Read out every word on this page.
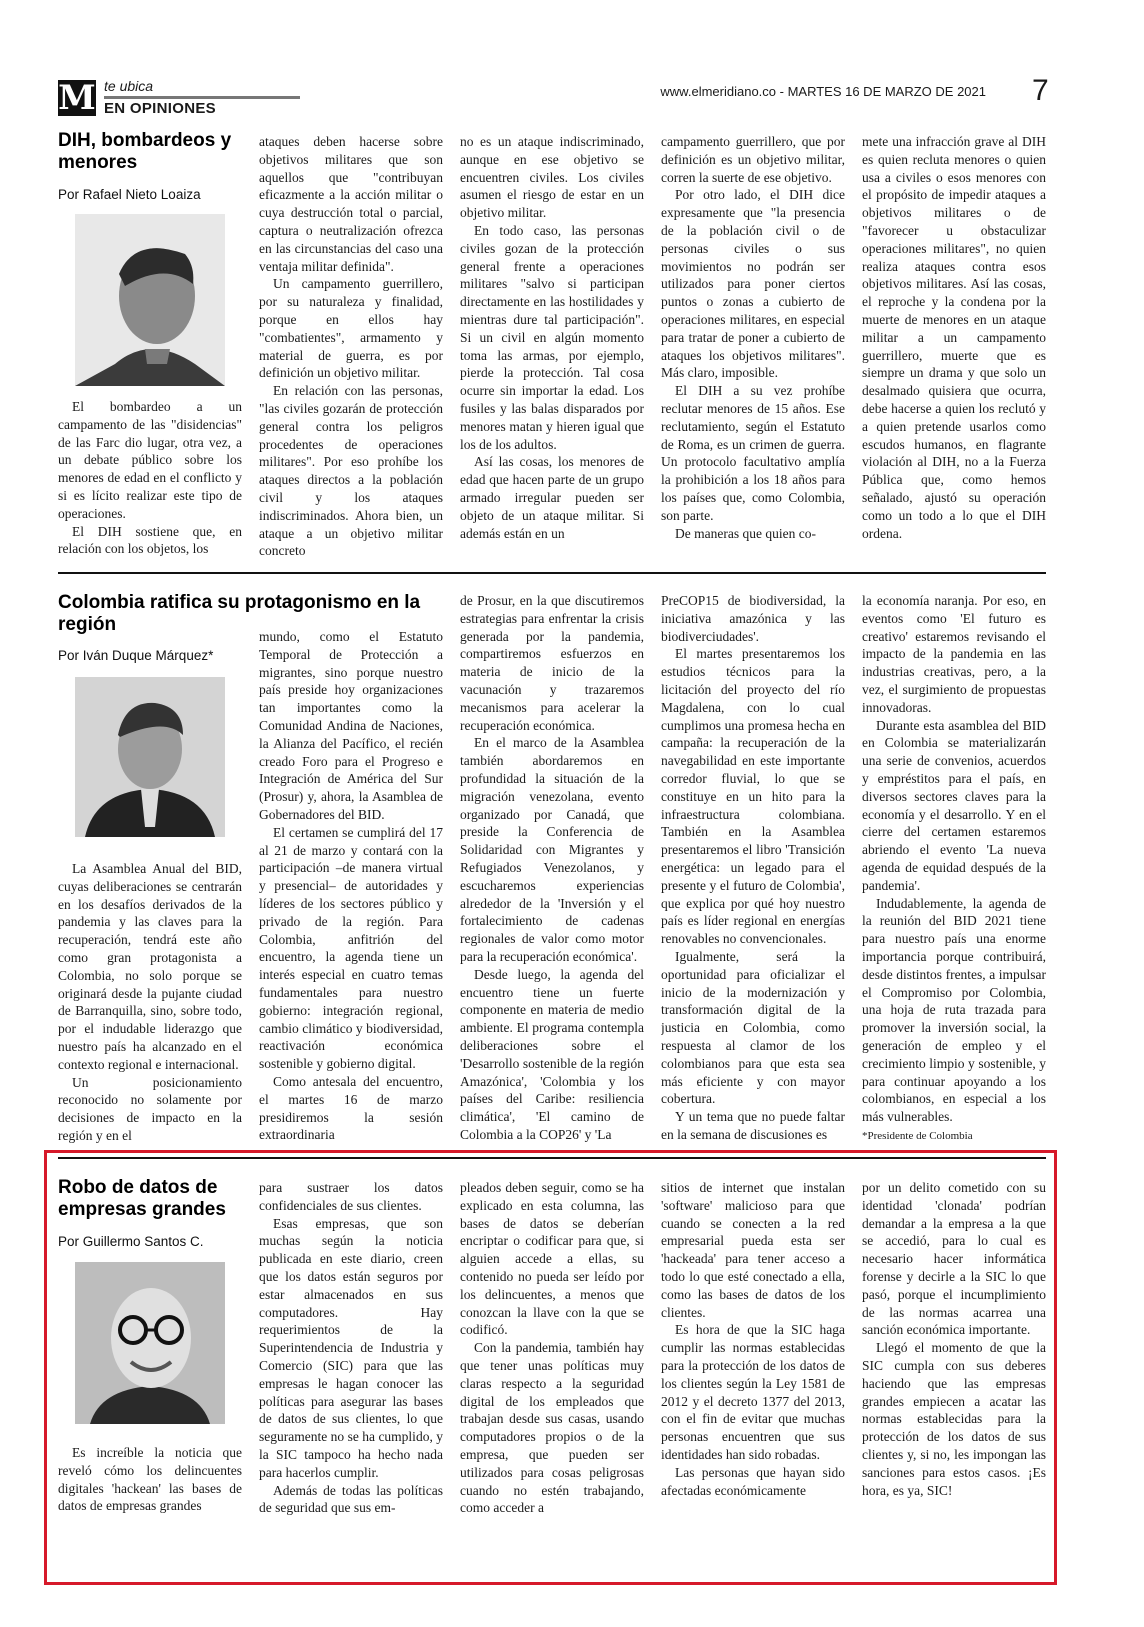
M te ubica
EN OPINIONES
www.elmeridiano.co - MARTES 16 DE MARZO DE 2021 7
DIH, bombardeos y menores
Por Rafael Nieto Loaiza

El bombardeo a un campamento de las "disidencias" de las Farc dio lugar, otra vez, a un debate público sobre los menores de edad en el conflicto y si es lícito realizar este tipo de operaciones.

El DIH sostiene que, en relación con los objetos, los

ataques deben hacerse sobre objetivos militares que son aquellos que "contribuyan eficazmente a la acción militar o cuya destrucción total o parcial, captura o neutralización ofrezca en las circunstancias del caso una ventaja militar definida".

Un campamento guerrillero, por su naturaleza y finalidad, porque en ellos hay "combatientes", armamento y material de guerra, es por definición un objetivo militar.

En relación con las personas, "las civiles gozarán de protección general contra los peligros procedentes de operaciones militares". Por eso prohíbe los ataques directos a la población civil y los ataques indiscriminados. Ahora bien, un ataque a un objetivo militar concreto

no es un ataque indiscriminado, aunque en ese objetivo se encuentren civiles. Los civiles asumen el riesgo de estar en un objetivo militar.

En todo caso, las personas civiles gozan de la protección general frente a operaciones militares "salvo si participan directamente en las hostilidades y mientras dure tal participación". Si un civil en algún momento toma las armas, por ejemplo, pierde la protección. Tal cosa ocurre sin importar la edad. Los fusiles y las balas disparados por menores matan y hieren igual que los de los adultos.

Así las cosas, los menores de edad que hacen parte de un grupo armado irregular pueden ser objeto de un ataque militar. Si además están en un

campamento guerrillero, que por definición es un objetivo militar, corren la suerte de ese objetivo.

Por otro lado, el DIH dice expresamente que "la presencia de la población civil o de personas civiles o sus movimientos no podrán ser utilizados para poner ciertos puntos o zonas a cubierto de operaciones militares, en especial para tratar de poner a cubierto de ataques los objetivos militares". Más claro, imposible.

El DIH a su vez prohíbe reclutar menores de 15 años. Ese reclutamiento, según el Estatuto de Roma, es un crimen de guerra. Un protocolo facultativo amplía la prohibición a los 18 años para los países que, como Colombia, son parte.

De maneras que quien co-

mete una infracción grave al DIH es quien recluta menores o quien usa a civiles o esos menores con el propósito de impedir ataques a objetivos militares o de "favorecer u obstaculizar operaciones militares", no quien realiza ataques contra esos objetivos militares. Así las cosas, el reproche y la condena por la muerte de menores en un ataque militar a un campamento guerrillero, muerte que es siempre un drama y que solo un desalmado quisiera que ocurra, debe hacerse a quien los reclutó y a quien pretende usarlos como escudos humanos, en flagrante violación al DIH, no a la Fuerza Pública que, como hemos señalado, ajustó su operación como un todo a lo que el DIH ordena.

Colombia ratifica su protagonismo en la región
Por Iván Duque Márquez*

La Asamblea Anual del BID, cuyas deliberaciones se centrarán en los desafíos derivados de la pandemia y las claves para la recuperación, tendrá este año como gran protagonista a Colombia, no solo porque se originará desde la pujante ciudad de Barranquilla, sino, sobre todo, por el indudable liderazgo que nuestro país ha alcanzado en el contexto regional e internacional.

Un posicionamiento reconocido no solamente por decisiones de impacto en la región y en el

mundo, como el Estatuto Temporal de Protección a migrantes, sino porque nuestro país preside hoy organizaciones tan importantes como la Comunidad Andina de Naciones, la Alianza del Pacífico, el recién creado Foro para el Progreso e Integración de América del Sur (Prosur) y, ahora, la Asamblea de Gobernadores del BID.

El certamen se cumplirá del 17 al 21 de marzo y contará con la participación –de manera virtual y presencial– de autoridades y líderes de los sectores público y privado de la región. Para Colombia, anfitrión del encuentro, la agenda tiene un interés especial en cuatro temas fundamentales para nuestro gobierno: integración regional, cambio climático y biodiversidad, reactivación económica sostenible y gobierno digital.

Como antesala del encuentro, el martes 16 de marzo presidiremos la sesión extraordinaria

de Prosur, en la que discutiremos estrategias para enfrentar la crisis generada por la pandemia, compartiremos esfuerzos en materia de inicio de la vacunación y trazaremos mecanismos para acelerar la recuperación económica.

En el marco de la Asamblea también abordaremos en profundidad la situación de la migración venezolana, evento organizado por Canadá, que preside la Conferencia de Solidaridad con Migrantes y Refugiados Venezolanos, y escucharemos experiencias alrededor de la 'Inversión y el fortalecimiento de cadenas regionales de valor como motor para la recuperación económica'.

Desde luego, la agenda del encuentro tiene un fuerte componente en materia de medio ambiente. El programa contempla deliberaciones sobre el 'Desarrollo sostenible de la región Amazónica', 'Colombia y los países del Caribe: resiliencia climática', 'El camino de Colombia a la COP26' y 'La

PreCOP15 de biodiversidad, la iniciativa amazónica y las biodiverciudades'.

El martes presentaremos los estudios técnicos para la licitación del proyecto del río Magdalena, con lo cual cumplimos una promesa hecha en campaña: la recuperación de la navegabilidad en este importante corredor fluvial, lo que se constituye en un hito para la infraestructura colombiana. También en la Asamblea presentaremos el libro 'Transición energética: un legado para el presente y el futuro de Colombia', que explica por qué hoy nuestro país es líder regional en energías renovables no convencionales.

Igualmente, será la oportunidad para oficializar el inicio de la modernización y transformación digital de la justicia en Colombia, como respuesta al clamor de los colombianos para que esta sea más eficiente y con mayor cobertura.

Y un tema que no puede faltar en la semana de discusiones es

la economía naranja. Por eso, en eventos como 'El futuro es creativo' estaremos revisando el impacto de la pandemia en las industrias creativas, pero, a la vez, el surgimiento de propuestas innovadoras.

Durante esta asamblea del BID en Colombia se materializarán una serie de convenios, acuerdos y empréstitos para el país, en diversos sectores claves para la economía y el desarrollo. Y en el cierre del certamen estaremos abriendo el evento 'La nueva agenda de equidad después de la pandemia'.

Indudablemente, la agenda de la reunión del BID 2021 tiene para nuestro país una enorme importancia porque contribuirá, desde distintos frentes, a impulsar el Compromiso por Colombia, una hoja de ruta trazada para promover la inversión social, la generación de empleo y el crecimiento limpio y sostenible, y para continuar apoyando a los colombianos, en especial a los más vulnerables.

*Presidente de Colombia

Robo de datos de empresas grandes
Por Guillermo Santos C.

Es increíble la noticia que reveló cómo los delincuentes digitales 'hackean' las bases de datos de empresas grandes

para sustraer los datos confidenciales de sus clientes.

Esas empresas, que son muchas según la noticia publicada en este diario, creen que los datos están seguros por estar almacenados en sus computadores. Hay requerimientos de la Superintendencia de Industria y Comercio (SIC) para que las empresas le hagan conocer las políticas para asegurar las bases de datos de sus clientes, lo que seguramente no se ha cumplido, y la SIC tampoco ha hecho nada para hacerlos cumplir.

Además de todas las políticas de seguridad que sus em-

pleados deben seguir, como se ha explicado en esta columna, las bases de datos se deberían encriptar o codificar para que, si alguien accede a ellas, su contenido no pueda ser leído por los delincuentes, a menos que conozcan la llave con la que se codificó.

Con la pandemia, también hay que tener unas políticas muy claras respecto a la seguridad digital de los empleados que trabajan desde sus casas, usando computadores propios o de la empresa, que pueden ser utilizados para cosas peligrosas cuando no estén trabajando, como acceder a

sitios de internet que instalan 'software' malicioso para que cuando se conecten a la red empresarial pueda esta ser 'hackeada' para tener acceso a todo lo que esté conectado a ella, como las bases de datos de los clientes.

Es hora de que la SIC haga cumplir las normas establecidas para la protección de los datos de los clientes según la Ley 1581 de 2012 y el decreto 1377 del 2013, con el fin de evitar que muchas personas encuentren que sus identidades han sido robadas.

Las personas que hayan sido afectadas económicamente

por un delito cometido con su identidad 'clonada' podrían demandar a la empresa a la que se accedió, para lo cual es necesario hacer informática forense y decirle a la SIC lo que pasó, porque el incumplimiento de las normas acarrea una sanción económica importante.

Llegó el momento de que la SIC cumpla con sus deberes haciendo que las empresas grandes empiecen a acatar las normas establecidas para la protección de los datos de sus clientes y, si no, les impongan las sanciones para estos casos. ¡Es hora, es ya, SIC!
